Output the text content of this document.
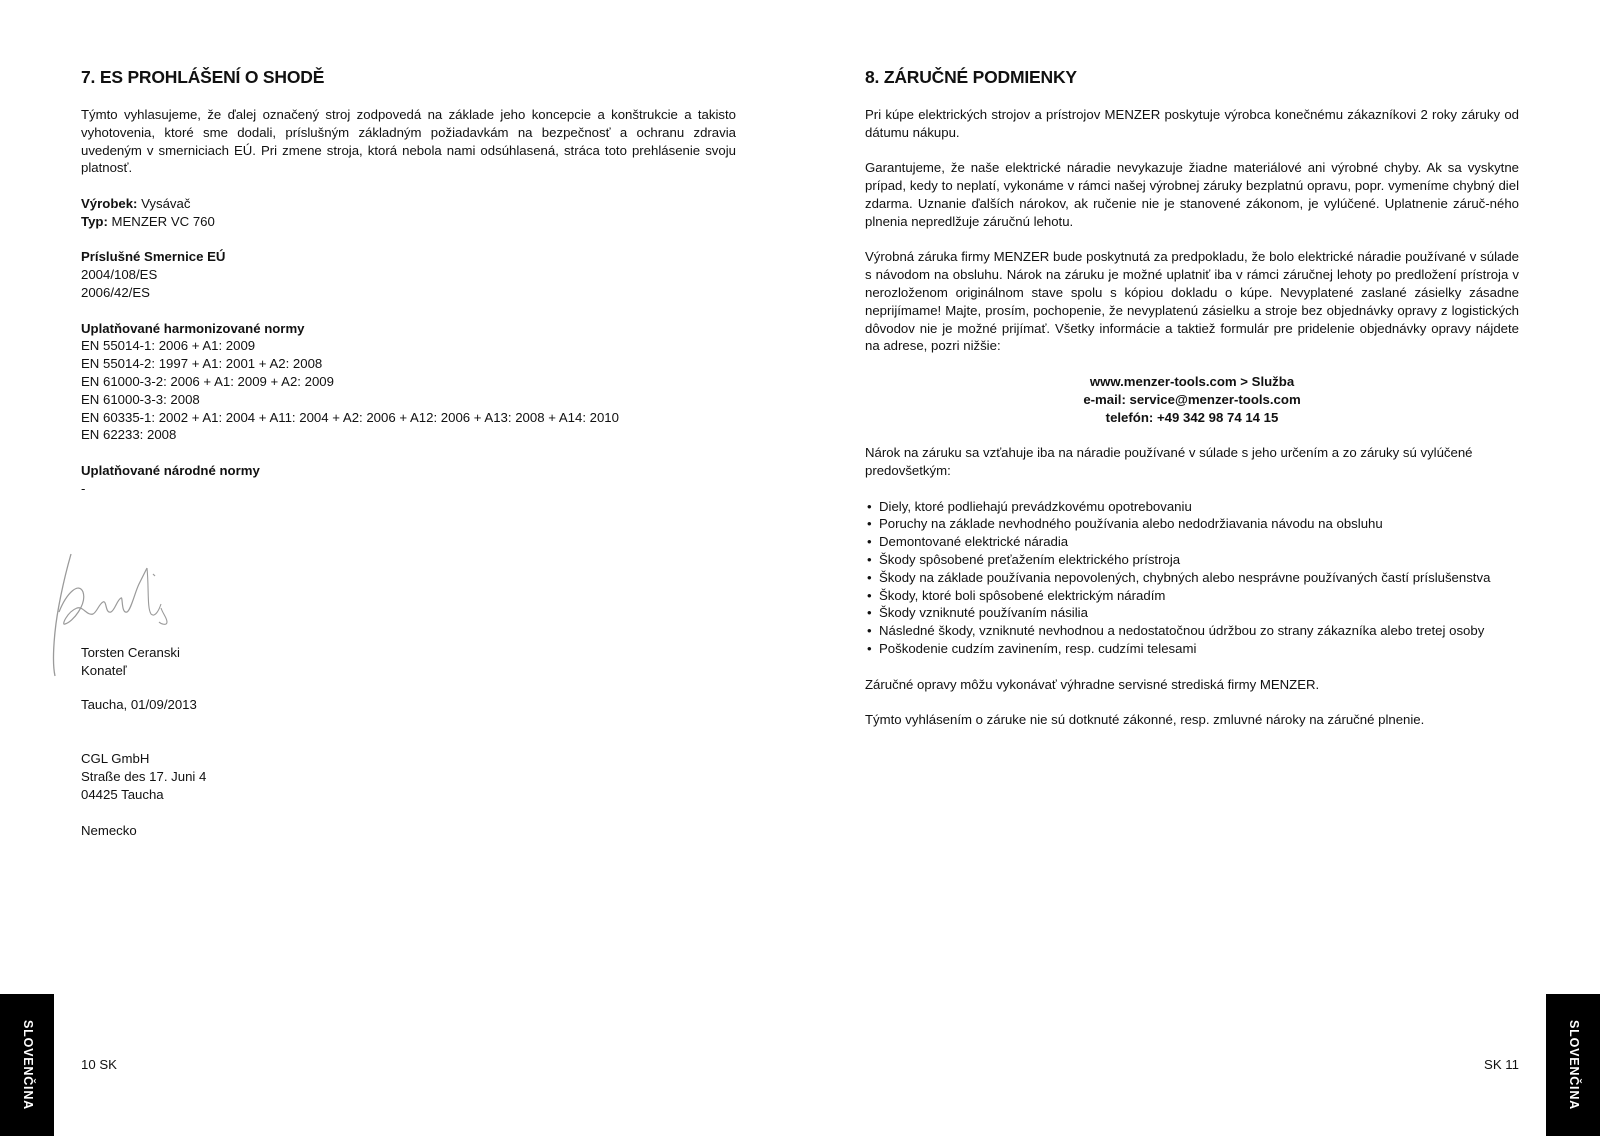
7. ES PROHLÁŠENÍ O SHODĚ

Týmto vyhlasujeme, že ďalej označený stroj zodpovedá na základe jeho koncepcie a konštrukcie a takisto vyhotovenia, ktoré sme dodali, príslušným základným požiadavkám na bezpečnosť a ochranu zdravia uvedeným v smerniciach EÚ. Pri zmene stroja, ktorá nebola nami odsúhlasená, stráca toto prehlásenie svoju platnosť.

Výrobek: Vysávač
Typ: MENZER VC 760
Príslušné Smernice EÚ
2004/108/ES
2006/42/ES
Uplatňované harmonizované normy
EN 55014-1: 2006 + A1: 2009
EN 55014-2: 1997 + A1: 2001 + A2: 2008
EN 61000-3-2: 2006 + A1: 2009 + A2: 2009
EN 61000-3-3: 2008
EN 60335-1: 2002 + A1: 2004 + A11: 2004 + A2: 2006 + A12: 2006 + A13: 2008 + A14: 2010
EN 62233: 2008
Uplatňované národné normy
-
Torsten Ceranski
Konateľ
Taucha, 01/09/2013
CGL GmbH
Straße des 17. Juni 4
04425 Taucha
Nemecko
10 SK
SLOVENČINA
8. ZÁRUČNÉ PODMIENKY

Pri kúpe elektrických strojov a prístrojov MENZER poskytuje výrobca konečnému zákazníkovi 2 roky záruky od dátumu nákupu.

Garantujeme, že naše elektrické náradie nevykazuje žiadne materiálové ani výrobné chyby. Ak sa vyskytne prípad, kedy to neplatí, vykonáme v rámci našej výrobnej záruky bezplatnú opravu, popr. vymeníme chybný diel zdarma. Uznanie ďalších nárokov, ak ručenie nie je stanovené zákonom, je vylúčené. Uplatnenie záruč-ného plnenia nepredlžuje záručnú lehotu.

Výrobná záruka firmy MENZER bude poskytnutá za predpokladu, že bolo elektrické náradie používané v súlade s návodom na obsluhu. Nárok na záruku je možné uplatniť iba v rámci záručnej lehoty po predložení prístroja v nerozloženom originálnom stave spolu s kópiou dokladu o kúpe. Nevyplatené zaslané zásielky zásadne neprijímame! Majte, prosím, pochopenie, že nevyplatenú zásielku a stroje bez objednávky opravy z logistických dôvodov nie je možné prijímať. Všetky informácie a taktiež formulár pre pridelenie objednávky opravy nájdete na adrese, pozri nižšie:

www.menzer-tools.com > Služba
e-mail: service@menzer-tools.com
telefón: +49 342 98 74 14 15

Nárok na záruku sa vzťahuje iba na náradie používané v súlade s jeho určením a zo záruky sú vylúčené predovšetkým:

• Diely, ktoré podliehajú prevádzkovému opotrebovaniu
• Poruchy na základe nevhodného používania alebo nedodržiavania návodu na obsluhu
• Demontované elektrické náradia
• Škody spôsobené preťažením elektrického prístroja
• Škody na základe používania nepovolených, chybných alebo nesprávne používaných častí príslušenstva
• Škody, ktoré boli spôsobené elektrickým náradím
• Škody vzniknuté používaním násilia
• Následné škody, vzniknuté nevhodnou a nedostatočnou údržbou zo strany zákazníka alebo tretej osoby
• Poškodenie cudzím zavinením, resp. cudzími telesami

Záručné opravy môžu vykonávať výhradne servisné strediská firmy MENZER.

Týmto vyhlásením o záruke nie sú dotknuté zákonné, resp. zmluvné nároky na záručné plnenie.

SK 11	SLOVENČINA
